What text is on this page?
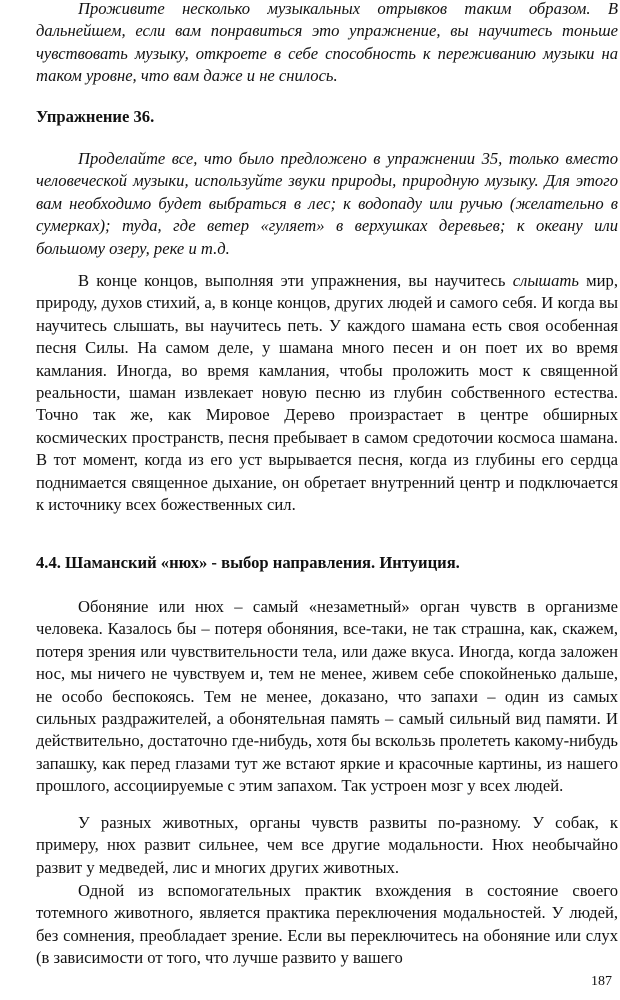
Проживите несколько музыкальных отрывков таким образом. В дальнейшем, если вам понравиться это упражнение, вы научитесь тоньше чувствовать музыку, откроете в себе способность к переживанию музыки на таком уровне, что вам даже и не снилось.

Упражнение 36.

Проделайте все, что было предложено в упражнении 35, только вместо человеческой музыки, используйте звуки природы, природную музыку. Для этого вам необходимо будет выбраться в лес; к водопаду или ручью (желательно в сумерках); туда, где ветер «гуляет» в верхушках деревьев; к океану или большому озеру, реке и т.д.

В конце концов, выполняя эти упражнения, вы научитесь слышать мир, природу, духов стихий, а, в конце концов, других людей и самого себя. И когда вы научитесь слышать, вы научитесь петь. У каждого шамана есть своя особенная песня Силы. На самом деле, у шамана много песен и он поет их во время камлания. Иногда, во время камлания, чтобы проложить мост к священной реальности, шаман извлекает новую песню из глубин собственного естества. Точно так же, как Мировое Дерево произрастает в центре обширных космических пространств, песня пребывает в самом средоточии космоса шамана. В тот момент, когда из его уст вырывается песня, когда из глубины его сердца поднимается священное дыхание, он обретает внутренний центр и подключается к источнику всех божественных сил.

4.4. Шаманский «нюх» - выбор направления. Интуиция.

Обоняние или нюх – самый «незаметный» орган чувств в организме человека. Казалось бы – потеря обоняния, все-таки, не так страшна, как, скажем, потеря зрения или чувствительности тела, или даже вкуса. Иногда, когда заложен нос, мы ничего не чувствуем и, тем не менее, живем себе спокойненько дальше, не особо беспокоясь. Тем не менее, доказано, что запахи – один из самых сильных раздражителей, а обонятельная память – самый сильный вид памяти. И действительно, достаточно где-нибудь, хотя бы вскользь пролететь какому-нибудь запашку, как перед глазами тут же встают яркие и красочные картины, из нашего прошлого, ассоциируемые с этим запахом. Так устроен мозг у всех людей.

У разных животных, органы чувств развиты по-разному. У собак, к примеру, нюх развит сильнее, чем все другие модальности. Нюх необычайно развит у медведей, лис и многих других животных.

Одной из вспомогательных практик вхождения в состояние своего тотемного животного, является практика переключения модальностей. У людей, без сомнения, преобладает зрение. Если вы переключитесь на обоняние или слух (в зависимости от того, что лучше развито у вашего

187
